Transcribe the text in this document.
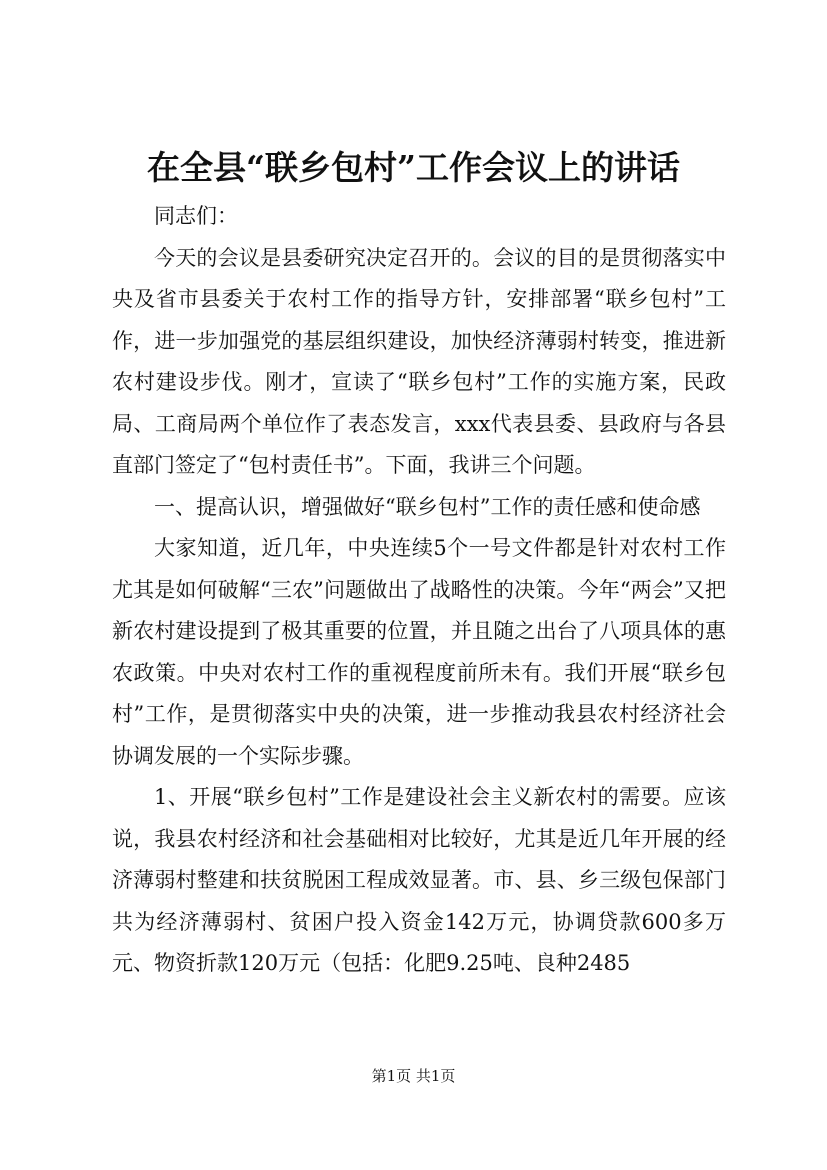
在全县“联乡包村”工作会议上的讲话

同志们：

今天的会议是县委研究决定召开的。会议的目的是贯彻落实中央及省市县委关于农村工作的指导方针，安排部署“联乡包村”工作，进一步加强党的基层组织建设，加快经济薄弱村转变，推进新农村建设步伐。刚才，宣读了“联乡包村”工作的实施方案，民政局、工商局两个单位作了表态发言，xxx代表县委、县政府与各县直部门签定了“包村责任书”。下面，我讲三个问题。

一、提高认识，增强做好“联乡包村”工作的责任感和使命感

大家知道，近几年，中央连续5个一号文件都是针对农村工作尤其是如何破解“三农”问题做出了战略性的决策。今年“两会”又把新农村建设提到了极其重要的位置，并且随之出台了八项具体的惠农政策。中央对农村工作的重视程度前所未有。我们开展“联乡包村”工作，是贯彻落实中央的决策，进一步推动我县农村经济社会协调发展的一个实际步骤。

1、开展“联乡包村”工作是建设社会主义新农村的需要。应该说，我县农村经济和社会基础相对比较好，尤其是近几年开展的经济薄弱村整建和扶贫脱困工程成效显著。市、县、乡三级包保部门共为经济薄弱村、贫困户投入资金142万元，协调贷款600多万元、物资折款120万元（包括：化肥9.25吨、良种2485

第1页 共1页
